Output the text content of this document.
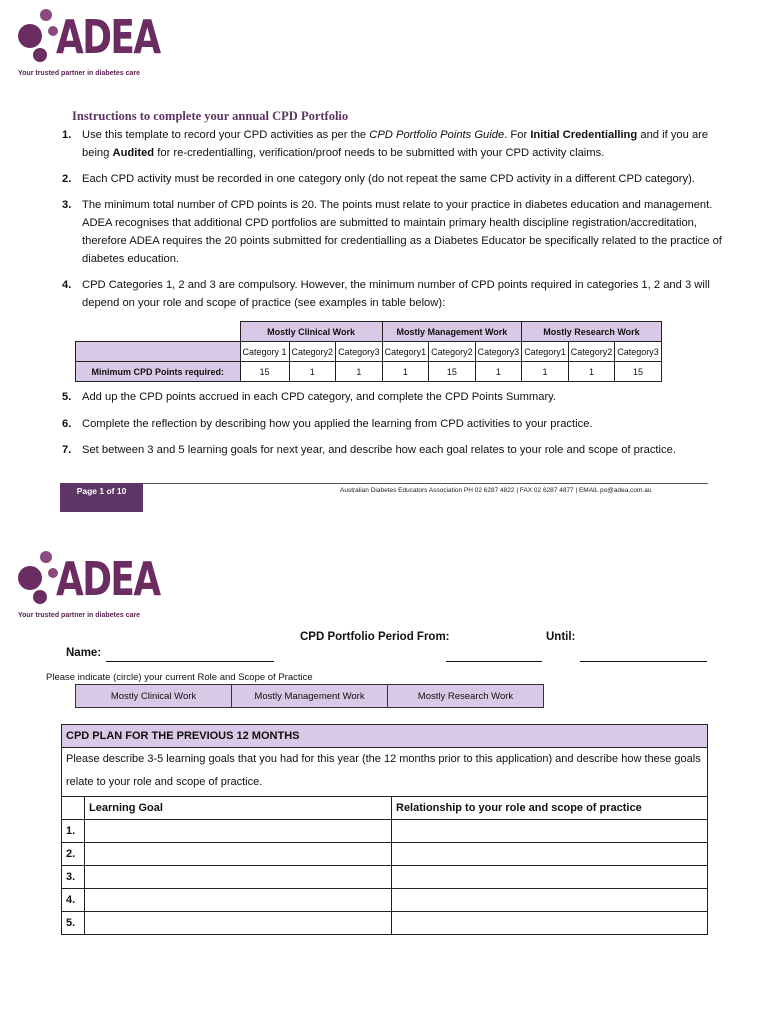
ADEA
Your trusted partner in diabetes care
Instructions to complete your annual CPD Portfolio
1. Use this template to record your CPD activities as per the CPD Portfolio Points Guide. For Initial Credentialling and if you are being Audited for re-credentialling, verification/proof needs to be submitted with your CPD activity claims.
2. Each CPD activity must be recorded in one category only (do not repeat the same CPD activity in a different CPD category).
3. The minimum total number of CPD points is 20. The points must relate to your practice in diabetes education and management. ADEA recognises that additional CPD portfolios are submitted to maintain primary health discipline registration/accreditation, therefore ADEA requires the 20 points submitted for credentialling as a Diabetes Educator be specifically related to the practice of diabetes education.
4. CPD Categories 1, 2 and 3 are compulsory. However, the minimum number of CPD points required in categories 1, 2 and 3 will depend on your role and scope of practice (see examples in table below):
	Mostly Clinical Work			Mostly Management Work			Mostly Research Work		
	Category 1	Category2	Category3	Category1	Category2	Category3	Category1	Category2	Category3
Minimum CPD Points required:	15	1	1	1	15	1	1	1	15
5. Add up the CPD points accrued in each CPD category, and complete the CPD Points Summary.
6. Complete the reflection by describing how you applied the learning from CPD activities to your practice.
7. Set between 3 and 5 learning goals for next year, and describe how each goal relates to your role and scope of practice.
Page 1 of 10	Australian Diabetes Educators Association PH 02 6287 4822 | FAX 02 6287 4877 | EMAIL po@adea.com.au
ADEA
Your trusted partner in diabetes care
CPD Portfolio Period From:	Until:
Name:
Please indicate (circle) your current Role and Scope of Practice
Mostly Clinical Work	Mostly Management Work	Mostly Research Work
CPD PLAN FOR THE PREVIOUS 12 MONTHS		
Please describe 3-5 learning goals that you had for this year (the 12 months prior to this application) and describe how these goals relate to your role and scope of practice.		
	Learning Goal	Relationship to your role and scope of practice
1.		
2.		
3.		
4.		
5.		
